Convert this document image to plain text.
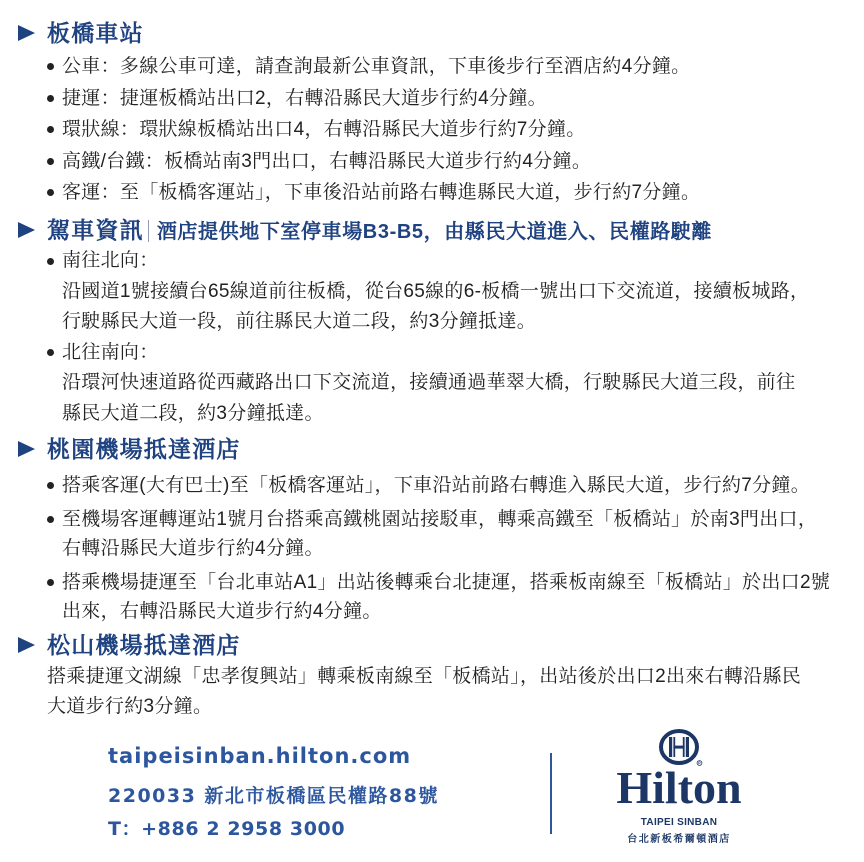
板橋車站
公車：多線公車可達，請查詢最新公車資訊，下車後步行至酒店約4分鐘。
捷運：捷運板橋站出口2，右轉沿縣民大道步行約4分鐘。
環狀線：環狀線板橋站出口4，右轉沿縣民大道步行約7分鐘。
高鐵/台鐵：板橋站南3門出口，右轉沿縣民大道步行約4分鐘。
客運：至「板橋客運站」，下車後沿站前路右轉進縣民大道，步行約7分鐘。
駕車資訊 酒店提供地下室停車場B3-B5，由縣民大道進入、民權路駛離
南往北向：
沿國道1號接續台65線道前往板橋，從台65線的6-板橋一號出口下交流道，接續板城路，
行駛縣民大道一段，前往縣民大道二段，約3分鐘抵達。
北往南向：
沿環河快速道路從西藏路出口下交流道，接續通過華翠大橋，行駛縣民大道三段，前往
縣民大道二段，約3分鐘抵達。
桃園機場抵達酒店
搭乘客運(大有巴士)至「板橋客運站」，下車沿站前路右轉進入縣民大道，步行約7分鐘。
至機場客運轉運站1號月台搭乘高鐵桃園站接駁車，轉乘高鐵至「板橋站」於南3門出口，
右轉沿縣民大道步行約4分鐘。
搭乘機場捷運至「台北車站A1」出站後轉乘台北捷運，搭乘板南線至「板橋站」於出口2號
出來，右轉沿縣民大道步行約4分鐘。
松山機場抵達酒店
搭乘捷運文湖線「忠孝復興站」轉乘板南線至「板橋站」，出站後於出口2出來右轉沿縣民
大道步行約3分鐘。
taipeisinban.hilton.com
220033 新北市板橋區民權路88號
T：+886 2 2958 3000
Hilton
TAIPEI SINBAN
台北新板希爾頓酒店
